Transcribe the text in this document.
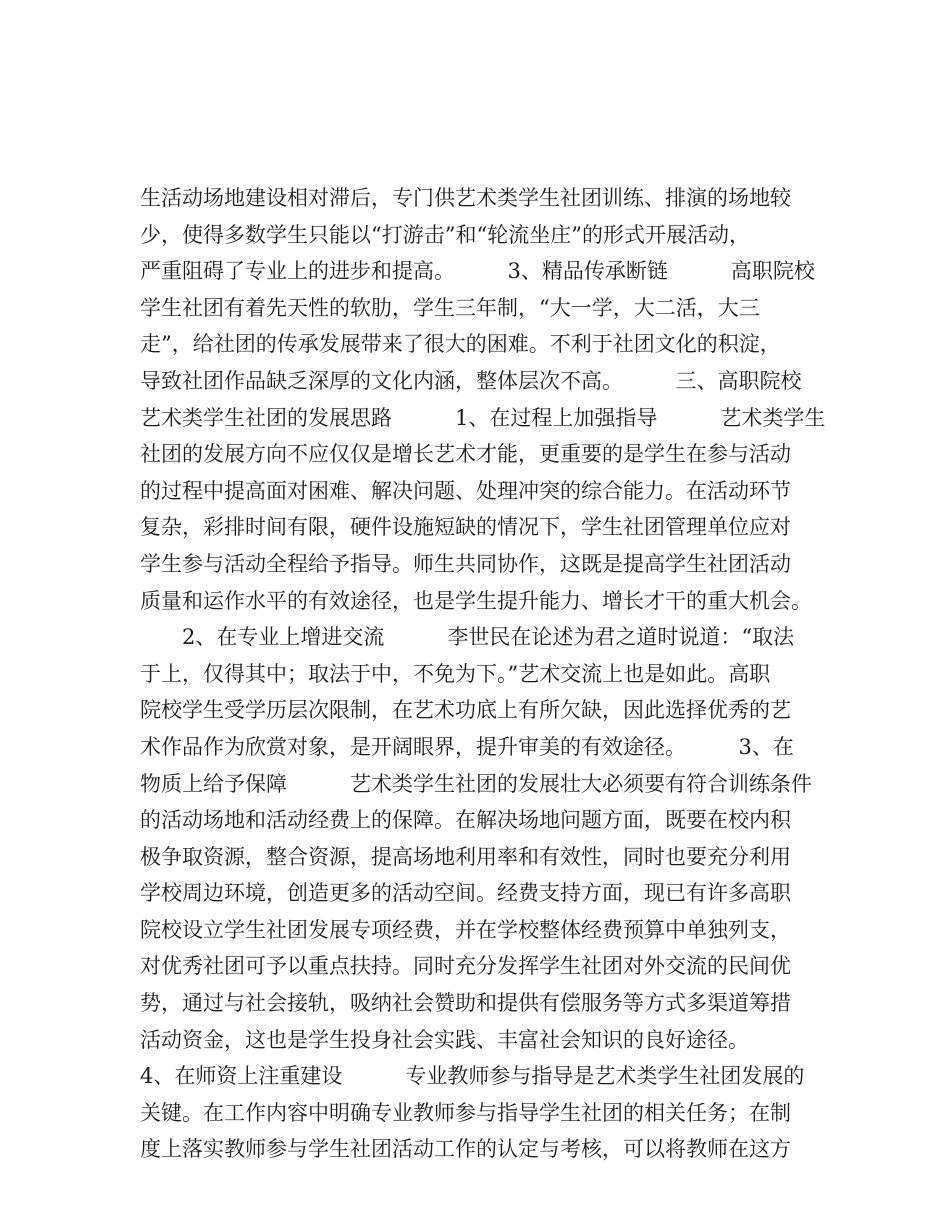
生活动场地建设相对滞后，专门供艺术类学生社团训练、排演的场地较
少，使得多数学生只能以“打游击”和“轮流坐庄”的形式开展活动，
严重阻碍了专业上的进步和提高。　　　3、精品传承断链　　　高职院校
学生社团有着先天性的软肋，学生三年制，“大一学，大二活，大三
走”，给社团的传承发展带来了很大的困难。不利于社团文化的积淀，
导致社团作品缺乏深厚的文化内涵，整体层次不高。　　　三、高职院校
艺术类学生社团的发展思路　　　1、在过程上加强指导　　　艺术类学生
社团的发展方向不应仅仅是增长艺术才能，更重要的是学生在参与活动
的过程中提高面对困难、解决问题、处理冲突的综合能力。在活动环节
复杂，彩排时间有限，硬件设施短缺的情况下，学生社团管理单位应对
学生参与活动全程给予指导。师生共同协作，这既是提高学生社团活动
质量和运作水平的有效途径，也是学生提升能力、增长才干的重大机会。
　　2、在专业上增进交流　　　李世民在论述为君之道时说道：“取法
于上，仅得其中；取法于中，不免为下。”艺术交流上也是如此。高职
院校学生受学历层次限制，在艺术功底上有所欠缺，因此选择优秀的艺
术作品作为欣赏对象，是开阔眼界，提升审美的有效途径。　　　3、在
物质上给予保障　　　艺术类学生社团的发展壮大必须要有符合训练条件
的活动场地和活动经费上的保障。在解决场地问题方面，既要在校内积
极争取资源，整合资源，提高场地利用率和有效性，同时也要充分利用
学校周边环境，创造更多的活动空间。经费支持方面，现已有许多高职
院校设立学生社团发展专项经费，并在学校整体经费预算中单独列支，
对优秀社团可予以重点扶持。同时充分发挥学生社团对外交流的民间优
势，通过与社会接轨，吸纳社会赞助和提供有偿服务等方式多渠道筹措
活动资金，这也是学生投身社会实践、丰富社会知识的良好途径。
4、在师资上注重建设　　　专业教师参与指导是艺术类学生社团发展的
关键。在工作内容中明确专业教师参与指导学生社团的相关任务；在制
度上落实教师参与学生社团活动工作的认定与考核，可以将教师在这方
